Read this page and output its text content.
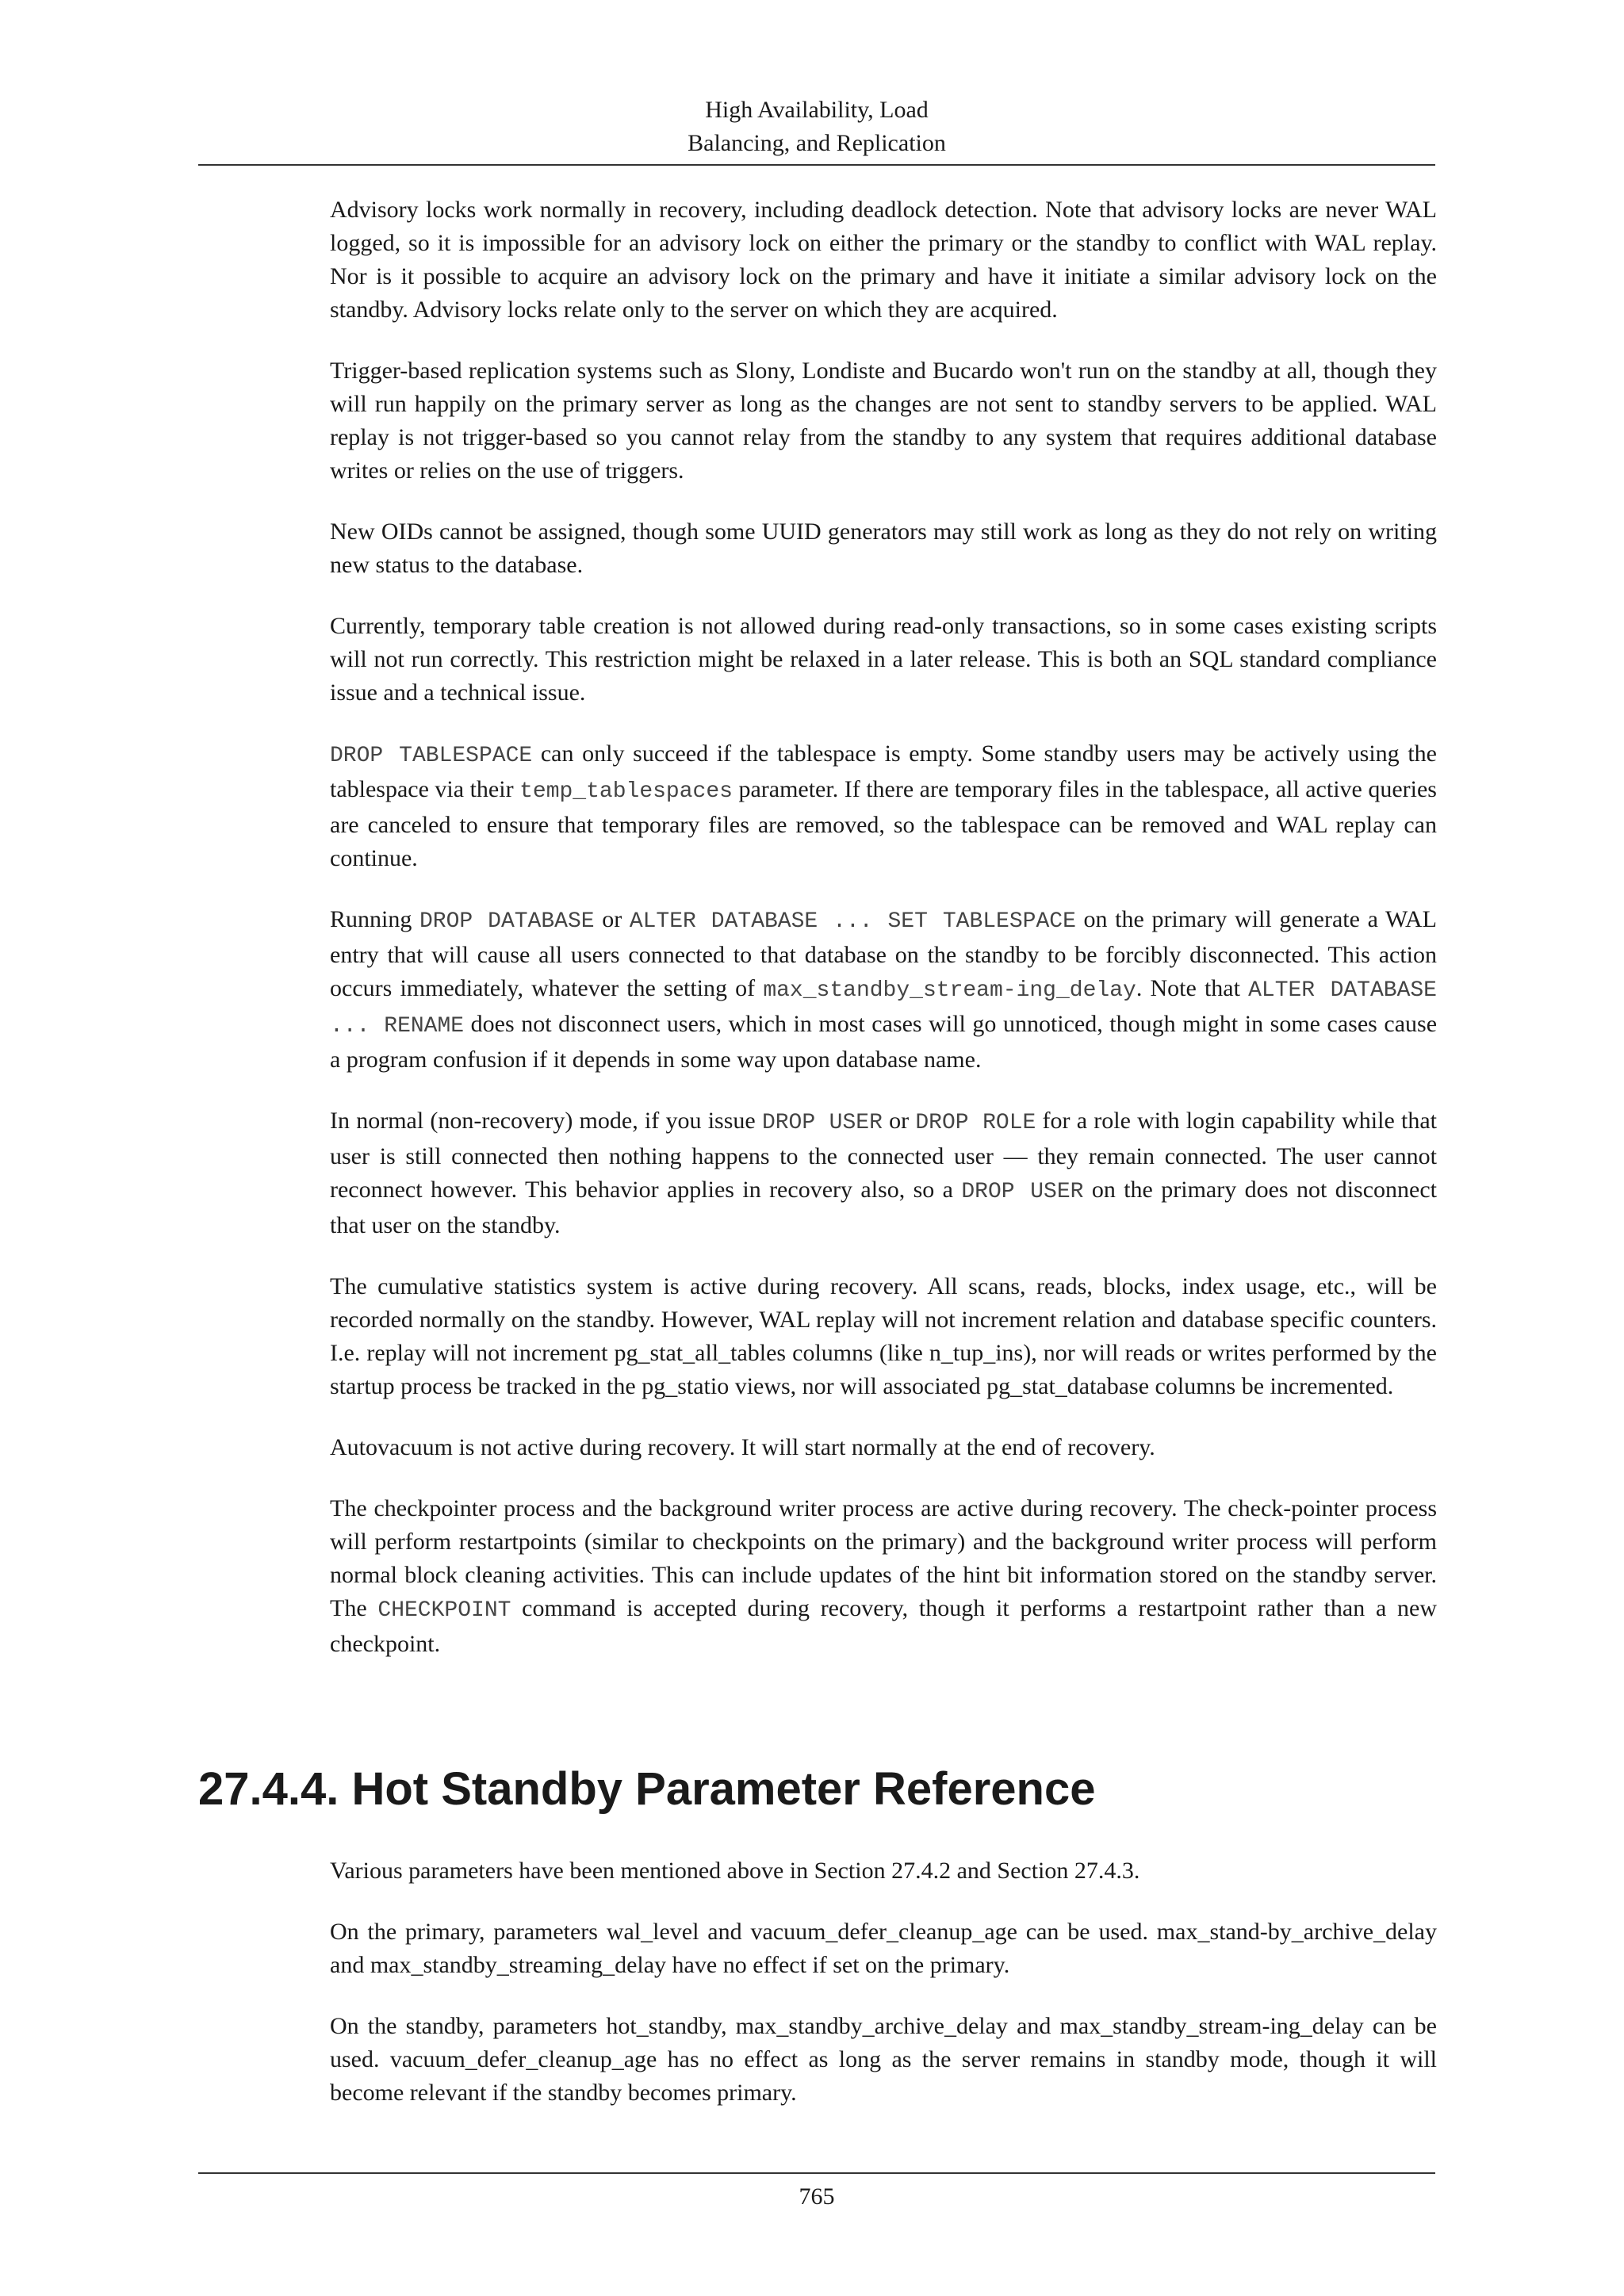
High Availability, Load
Balancing, and Replication

Advisory locks work normally in recovery, including deadlock detection. Note that advisory locks are never WAL logged, so it is impossible for an advisory lock on either the primary or the standby to conflict with WAL replay. Nor is it possible to acquire an advisory lock on the primary and have it initiate a similar advisory lock on the standby. Advisory locks relate only to the server on which they are acquired.

Trigger-based replication systems such as Slony, Londiste and Bucardo won't run on the standby at all, though they will run happily on the primary server as long as the changes are not sent to standby servers to be applied. WAL replay is not trigger-based so you cannot relay from the standby to any system that requires additional database writes or relies on the use of triggers.

New OIDs cannot be assigned, though some UUID generators may still work as long as they do not rely on writing new status to the database.

Currently, temporary table creation is not allowed during read-only transactions, so in some cases existing scripts will not run correctly. This restriction might be relaxed in a later release. This is both an SQL standard compliance issue and a technical issue.

DROP TABLESPACE can only succeed if the tablespace is empty. Some standby users may be actively using the tablespace via their temp_tablespaces parameter. If there are temporary files in the tablespace, all active queries are canceled to ensure that temporary files are removed, so the tablespace can be removed and WAL replay can continue.

Running DROP DATABASE or ALTER DATABASE ... SET TABLESPACE on the primary will generate a WAL entry that will cause all users connected to that database on the standby to be forcibly disconnected. This action occurs immediately, whatever the setting of max_standby_stream-ing_delay. Note that ALTER DATABASE ... RENAME does not disconnect users, which in most cases will go unnoticed, though might in some cases cause a program confusion if it depends in some way upon database name.

In normal (non-recovery) mode, if you issue DROP USER or DROP ROLE for a role with login capability while that user is still connected then nothing happens to the connected user — they remain connected. The user cannot reconnect however. This behavior applies in recovery also, so a DROP USER on the primary does not disconnect that user on the standby.

The cumulative statistics system is active during recovery. All scans, reads, blocks, index usage, etc., will be recorded normally on the standby. However, WAL replay will not increment relation and database specific counters. I.e. replay will not increment pg_stat_all_tables columns (like n_tup_ins), nor will reads or writes performed by the startup process be tracked in the pg_statio views, nor will associated pg_stat_database columns be incremented.

Autovacuum is not active during recovery. It will start normally at the end of recovery.

The checkpointer process and the background writer process are active during recovery. The check-pointer process will perform restartpoints (similar to checkpoints on the primary) and the background writer process will perform normal block cleaning activities. This can include updates of the hint bit information stored on the standby server. The CHECKPOINT command is accepted during recovery, though it performs a restartpoint rather than a new checkpoint.

27.4.4. Hot Standby Parameter Reference

Various parameters have been mentioned above in Section 27.4.2 and Section 27.4.3.

On the primary, parameters wal_level and vacuum_defer_cleanup_age can be used. max_stand-by_archive_delay and max_standby_streaming_delay have no effect if set on the primary.

On the standby, parameters hot_standby, max_standby_archive_delay and max_standby_stream-ing_delay can be used. vacuum_defer_cleanup_age has no effect as long as the server remains in standby mode, though it will become relevant if the standby becomes primary.

765
